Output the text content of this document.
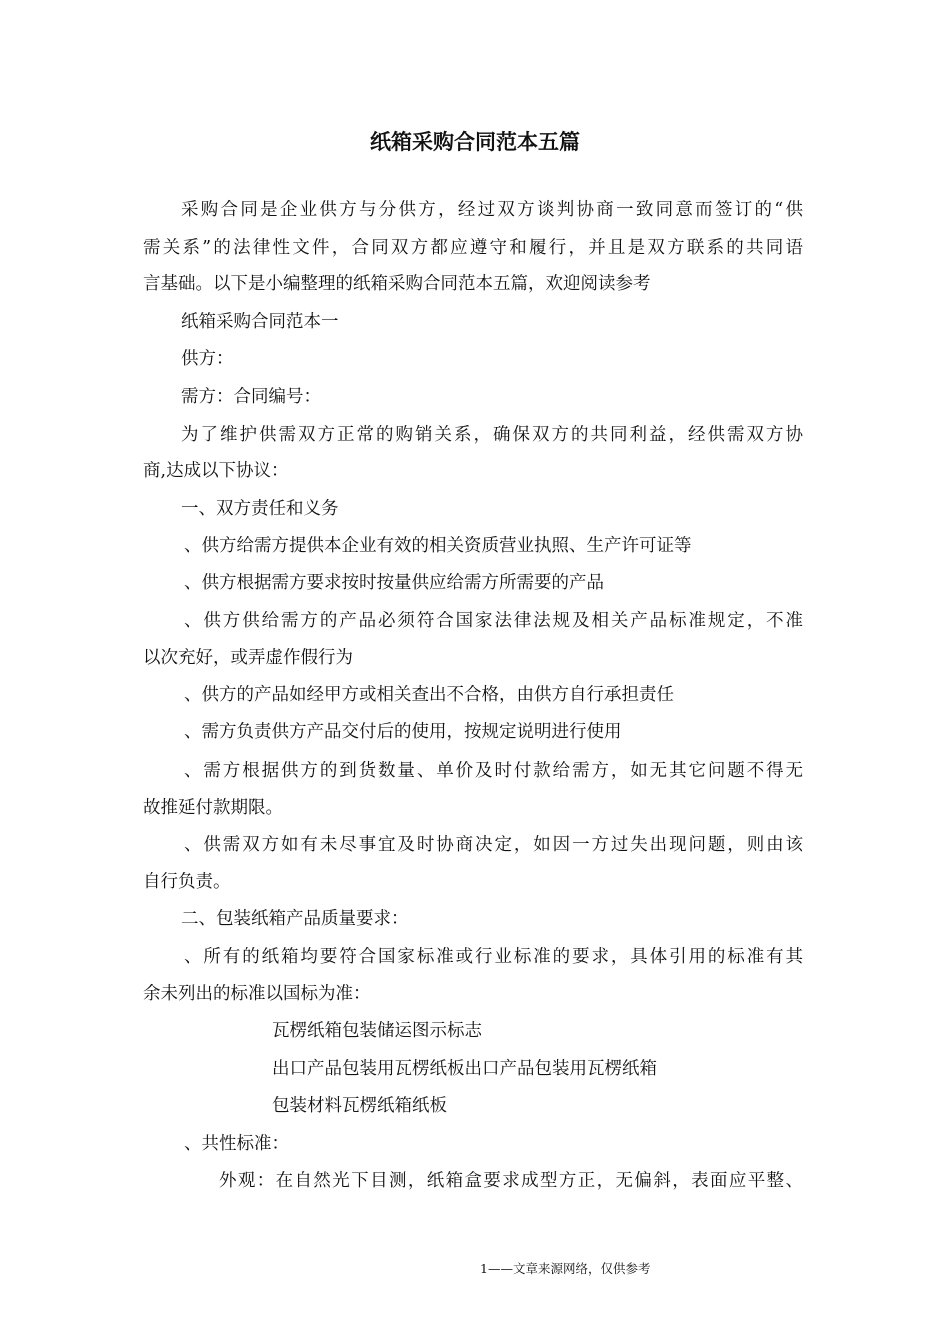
纸箱采购合同范本五篇
采购合同是企业供方与分供方，经过双方谈判协商一致同意而签订的“供
需关系”的法律性文件，合同双方都应遵守和履行，并且是双方联系的共同语
言基础。以下是小编整理的纸箱采购合同范本五篇，欢迎阅读参考
纸箱采购合同范本一
供方：
需方：合同编号：
为了维护供需双方正常的购销关系，确保双方的共同利益，经供需双方协
商,达成以下协议：
一、双方责任和义务
、供方给需方提供本企业有效的相关资质营业执照、生产许可证等
、供方根据需方要求按时按量供应给需方所需要的产品
、供方供给需方的产品必须符合国家法律法规及相关产品标准规定，不准
以次充好，或弄虚作假行为
、供方的产品如经甲方或相关查出不合格，由供方自行承担责任
、需方负责供方产品交付后的使用，按规定说明进行使用
、需方根据供方的到货数量、单价及时付款给需方，如无其它问题不得无
故推延付款期限。
、供需双方如有未尽事宜及时协商决定，如因一方过失出现问题，则由该
自行负责。
二、包装纸箱产品质量要求：
、所有的纸箱均要符合国家标准或行业标准的要求，具体引用的标准有其
余未列出的标准以国标为准：
瓦楞纸箱包装储运图示标志
出口产品包装用瓦楞纸板出口产品包装用瓦楞纸箱
包装材料瓦楞纸箱纸板
、共性标准：
外观：在自然光下目测，纸箱盒要求成型方正，无偏斜，表面应平整、
1——文章来源网络，仅供参考
